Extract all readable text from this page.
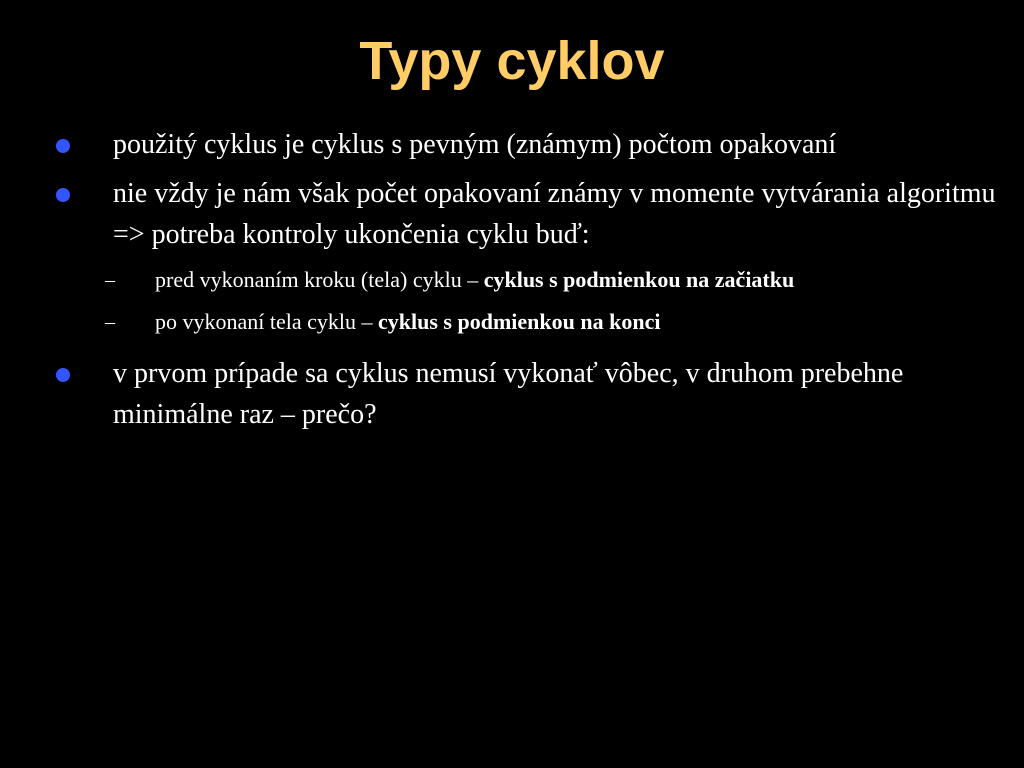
Typy cyklov
použitý cyklus je cyklus s pevným (známym) počtom opakovaní
nie vždy je nám však počet opakovaní známy v momente vytvárania algoritmu => potreba kontroly ukončenia cyklu buď:
– pred vykonaním kroku (tela) cyklu – cyklus s podmienkou na začiatku
– po vykonaní tela cyklu – cyklus s podmienkou na konci
v prvom prípade sa cyklus nemusí vykonať vôbec, v druhom prebehne minimálne raz – prečo?
